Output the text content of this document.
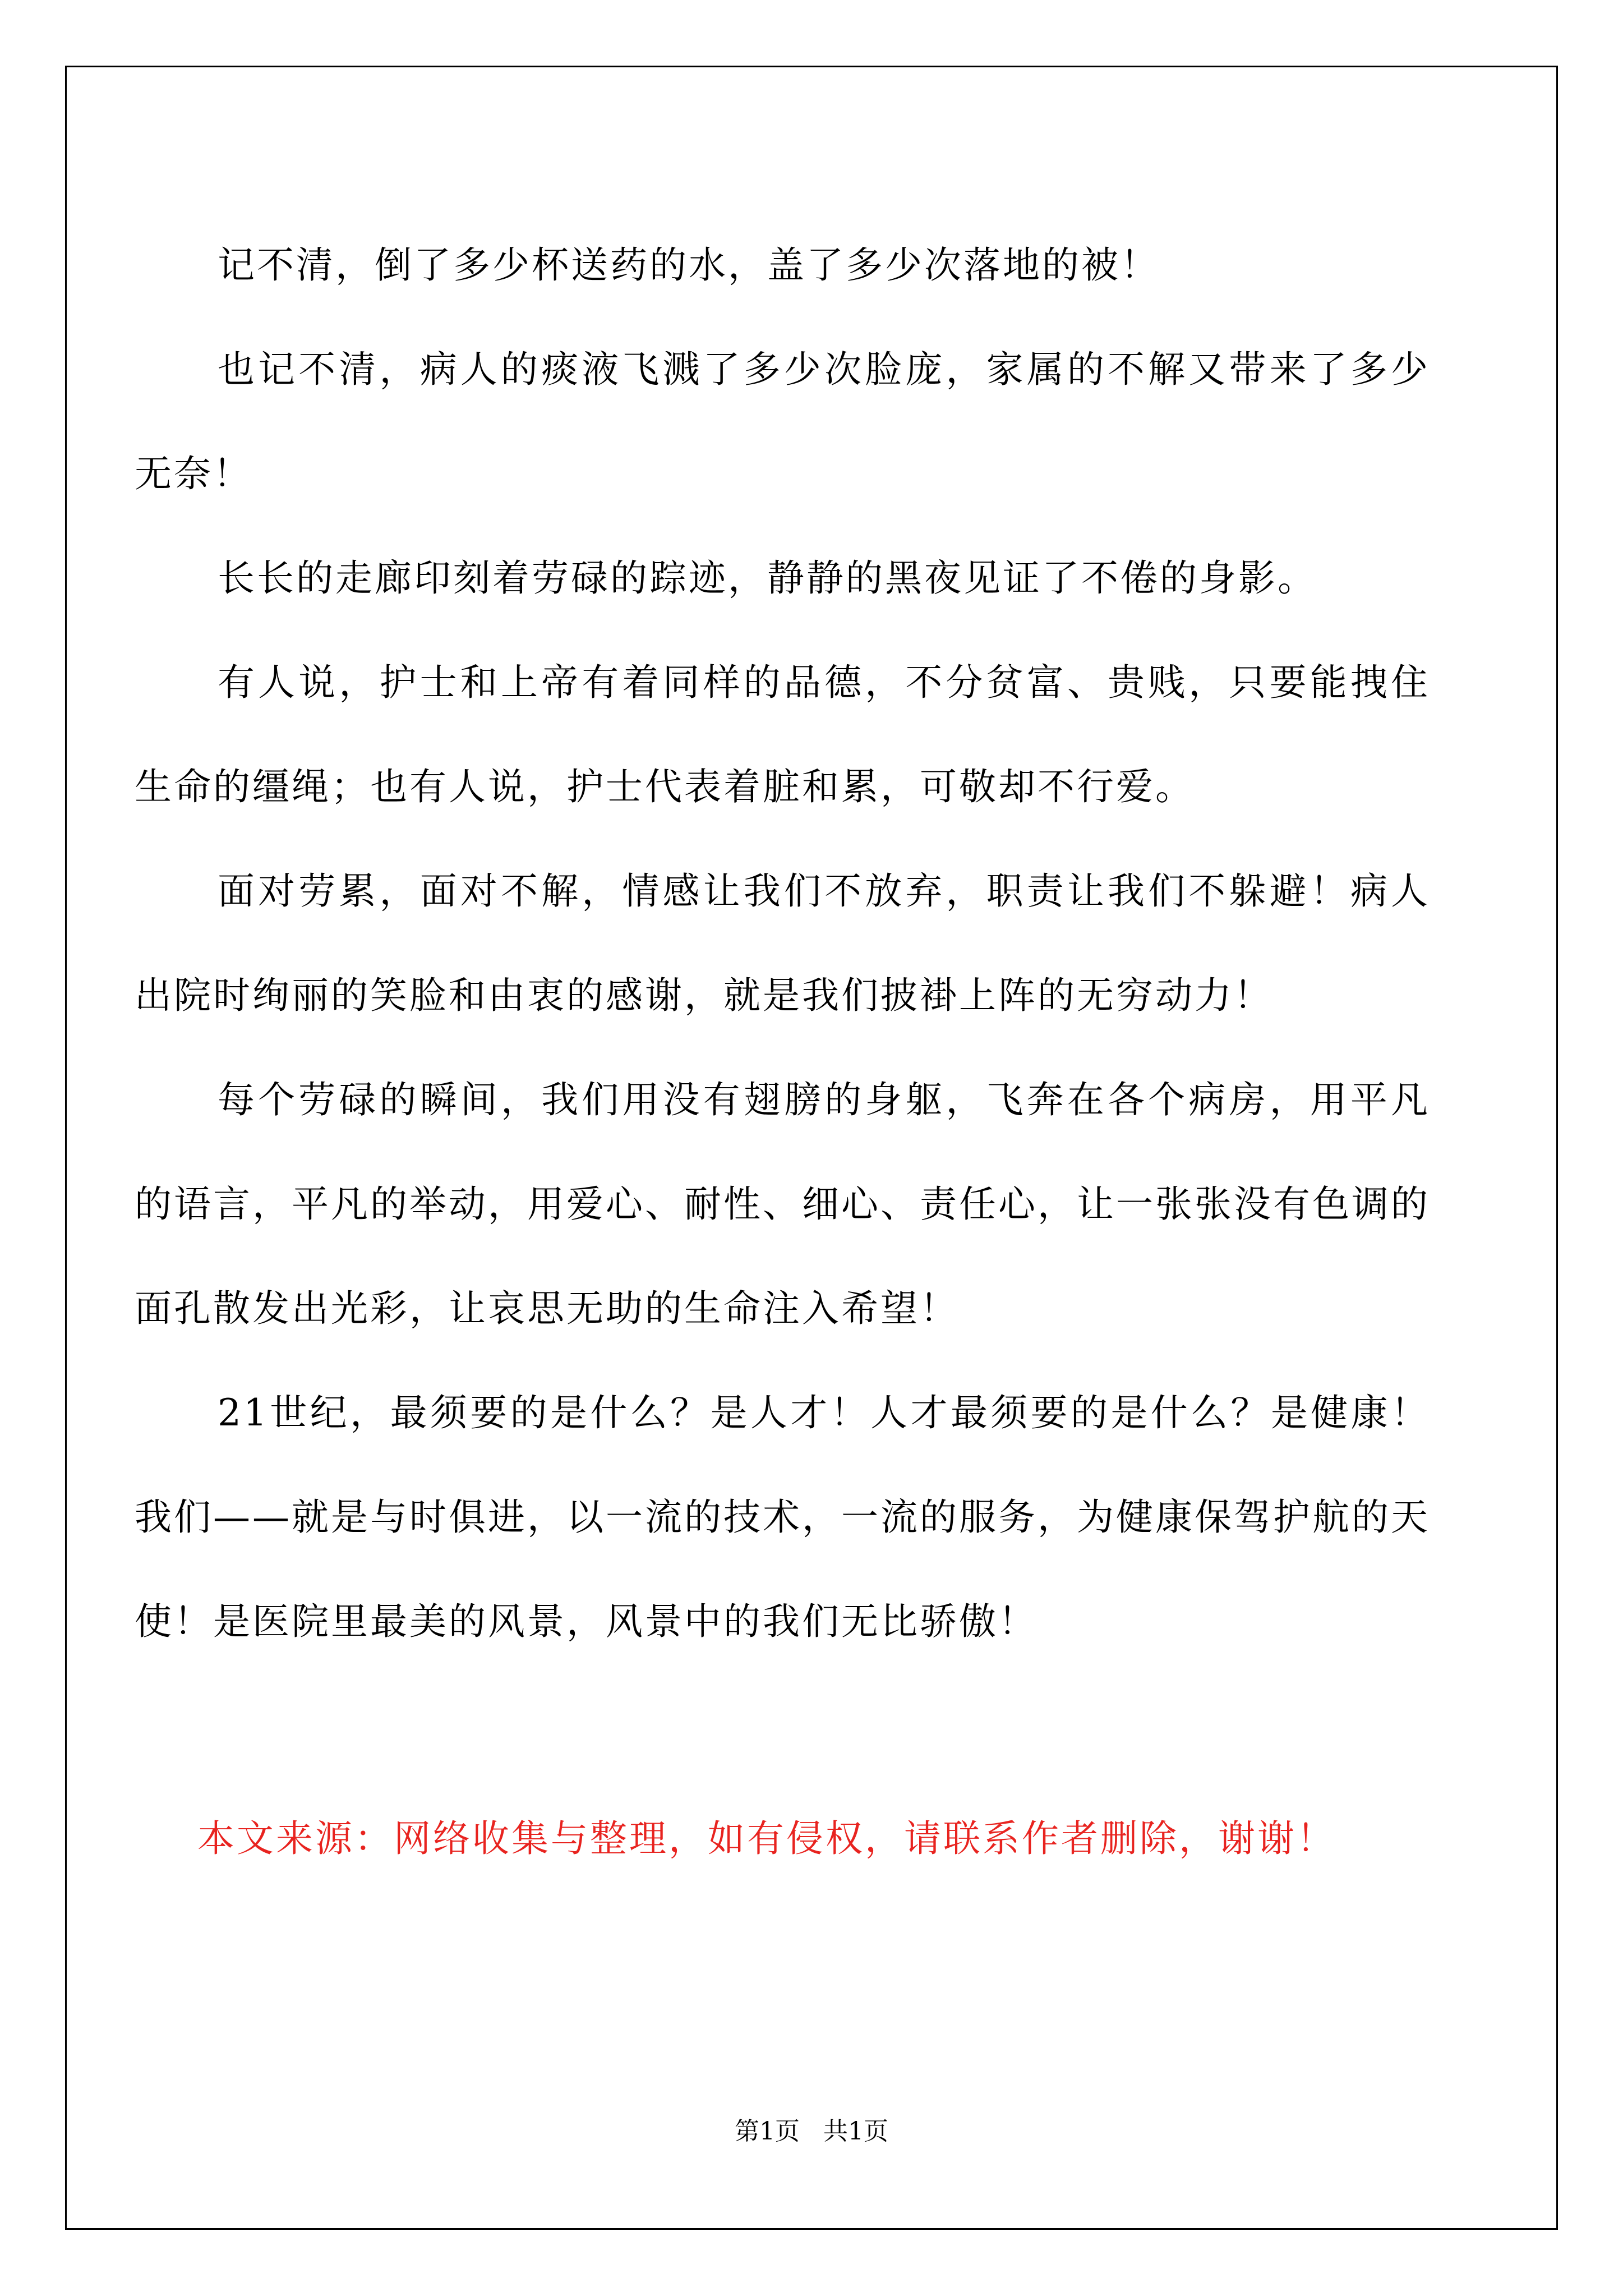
记不清，倒了多少杯送药的水，盖了多少次落地的被！

也记不清，病人的痰液飞溅了多少次脸庞，家属的不解又带来了多少无奈！

长长的走廊印刻着劳碌的踪迹，静静的黑夜见证了不倦的身影。

有人说，护士和上帝有着同样的品德，不分贫富、贵贱，只要能拽住生命的缰绳；也有人说，护士代表着脏和累，可敬却不行爱。

面对劳累，面对不解，情感让我们不放弃，职责让我们不躲避！病人出院时绚丽的笑脸和由衷的感谢，就是我们披褂上阵的无穷动力！

每个劳碌的瞬间，我们用没有翅膀的身躯，飞奔在各个病房，用平凡的语言，平凡的举动，用爱心、耐性、细心、责任心，让一张张没有色调的面孔散发出光彩，让哀思无助的生命注入希望！

21世纪，最须要的是什么？是人才！人才最须要的是什么？是健康！我们——就是与时俱进，以一流的技术，一流的服务，为健康保驾护航的天使！是医院里最美的风景，风景中的我们无比骄傲！

本文来源：网络收集与整理，如有侵权，请联系作者删除，谢谢！
第1页   共1页
